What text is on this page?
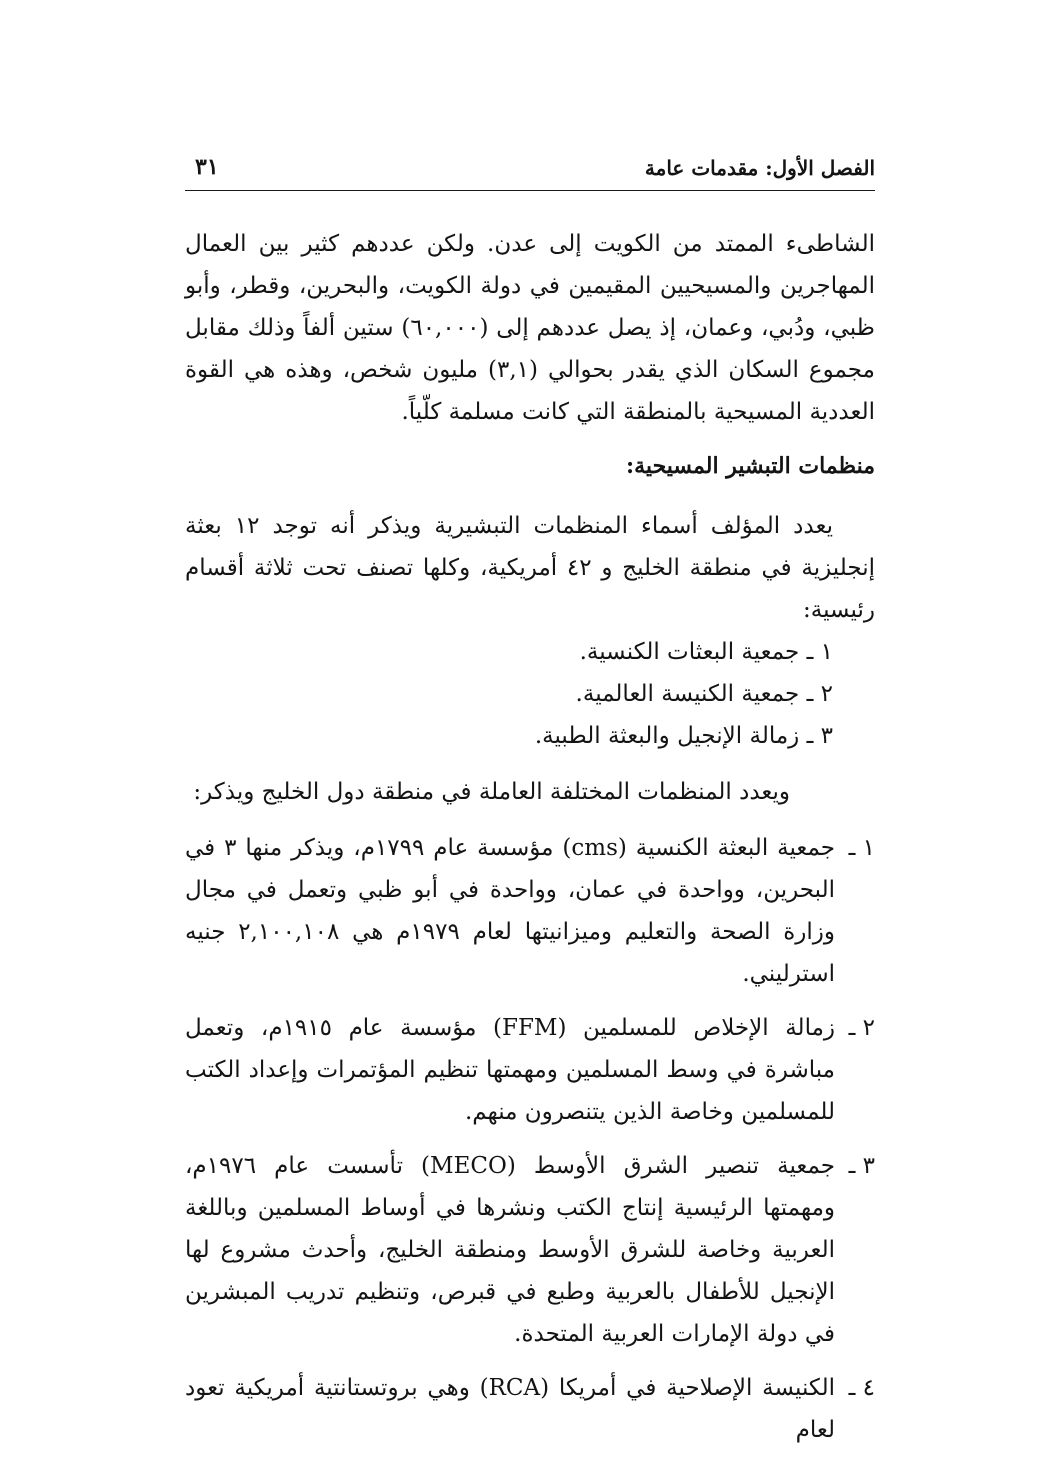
الفصل الأول: مقدمات عامة
٣١

الشاطىء الممتد من الكويت إلى عدن. ولكن عددهم كثير بين العمال المهاجرين والمسيحيين المقيمين في دولة الكويت، والبحرين، وقطر، وأبو ظبي، ودُبي، وعمان، إذ يصل عددهم إلى (٦٠,٠٠٠) ستين ألفاً وذلك مقابل مجموع السكان الذي يقدر بحوالي (٣,١) مليون شخص، وهذه هي القوة العددية المسيحية بالمنطقة التي كانت مسلمة كلّياً.

منظمات التبشير المسيحية:

يعدد المؤلف أسماء المنظمات التبشيرية ويذكر أنه توجد ١٢ بعثة إنجليزية في منطقة الخليج و ٤٢ أمريكية، وكلها تصنف تحت ثلاثة أقسام رئيسية:

١ ـ جمعية البعثات الكنسية.
٢ ـ جمعية الكنيسة العالمية.
٣ ـ زمالة الإنجيل والبعثة الطبية.

ويعدد المنظمات المختلفة العاملة في منطقة دول الخليج ويذكر:

١ ـ

جمعية البعثة الكنسية (cms) مؤسسة عام ١٧٩٩م، ويذكر منها ٣ في البحرين، وواحدة في عمان، وواحدة في أبو ظبي وتعمل في مجال وزارة الصحة والتعليم وميزانيتها لعام ١٩٧٩م هي ٢,١٠٠,١٠٨ جنيه استرليني.

٢ ـ

زمالة الإخلاص للمسلمين (FFM) مؤسسة عام ١٩١٥م، وتعمل مباشرة في وسط المسلمين ومهمتها تنظيم المؤتمرات وإعداد الكتب للمسلمين وخاصة الذين يتنصرون منهم.

٣ ـ

جمعية تنصير الشرق الأوسط (MECO) تأسست عام ١٩٧٦م، ومهمتها الرئيسية إنتاج الكتب ونشرها في أوساط المسلمين وباللغة العربية وخاصة للشرق الأوسط ومنطقة الخليج، وأحدث مشروع لها الإنجيل للأطفال بالعربية وطبع في قبرص، وتنظيم تدريب المبشرين في دولة الإمارات العربية المتحدة.

٤ ـ

الكنيسة الإصلاحية في أمريكا (RCA) وهي بروتستانتية أمريكية تعود لعام
